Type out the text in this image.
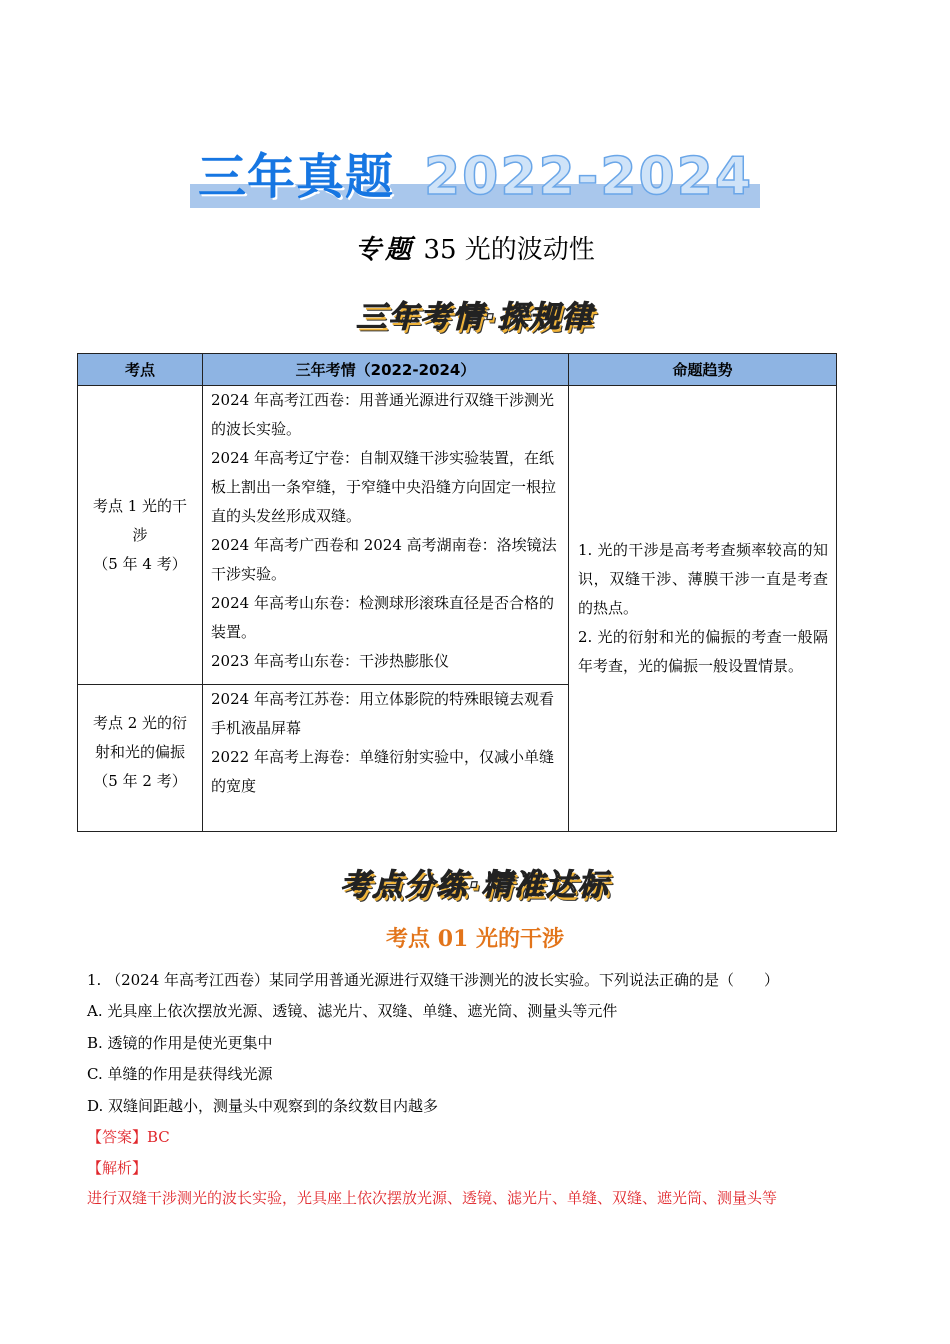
三年真题 2022-2024
专题 35 光的波动性
三年考情·探规律
考点	三年考情（2022-2024）	命题趋势
考点 1 光的干
涉
（5 年 4 考）

2024 年高考江西卷：用普通光源进行双缝干涉测光的波长实验。

2024 年高考辽宁卷：自制双缝干涉实验装置，在纸板上割出一条窄缝，于窄缝中央沿缝方向固定一根拉直的头发丝形成双缝。

2024 年高考广西卷和 2024 高考湖南卷：洛埃镜法干涉实验。

2024 年高考山东卷：检测球形滚珠直径是否合格的装置。

2023 年高考山东卷：干涉热膨胀仪

考点 2 光的衍
射和光的偏振
（5 年 2 考）

2024 年高考江苏卷：用立体影院的特殊眼镜去观看手机液晶屏幕

2022 年高考上海卷：单缝衍射实验中，仅减小单缝的宽度

1. 光的干涉是高考考查频率较高的知识，双缝干涉、薄膜干涉一直是考查的热点。

2. 光的衍射和光的偏振的考查一般隔年考查，光的偏振一般设置情景。

考点分练·精准达标
考点 01 光的干涉
1. （2024 年高考江西卷）某同学用普通光源进行双缝干涉测光的波长实验。下列说法正确的是（　　）
A. 光具座上依次摆放光源、透镜、滤光片、双缝、单缝、遮光筒、测量头等元件
B. 透镜的作用是使光更集中
C. 单缝的作用是获得线光源
D. 双缝间距越小，测量头中观察到的条纹数目内越多
【答案】BC
【解析】
进行双缝干涉测光的波长实验，光具座上依次摆放光源、透镜、滤光片、单缝、双缝、遮光筒、测量头等
